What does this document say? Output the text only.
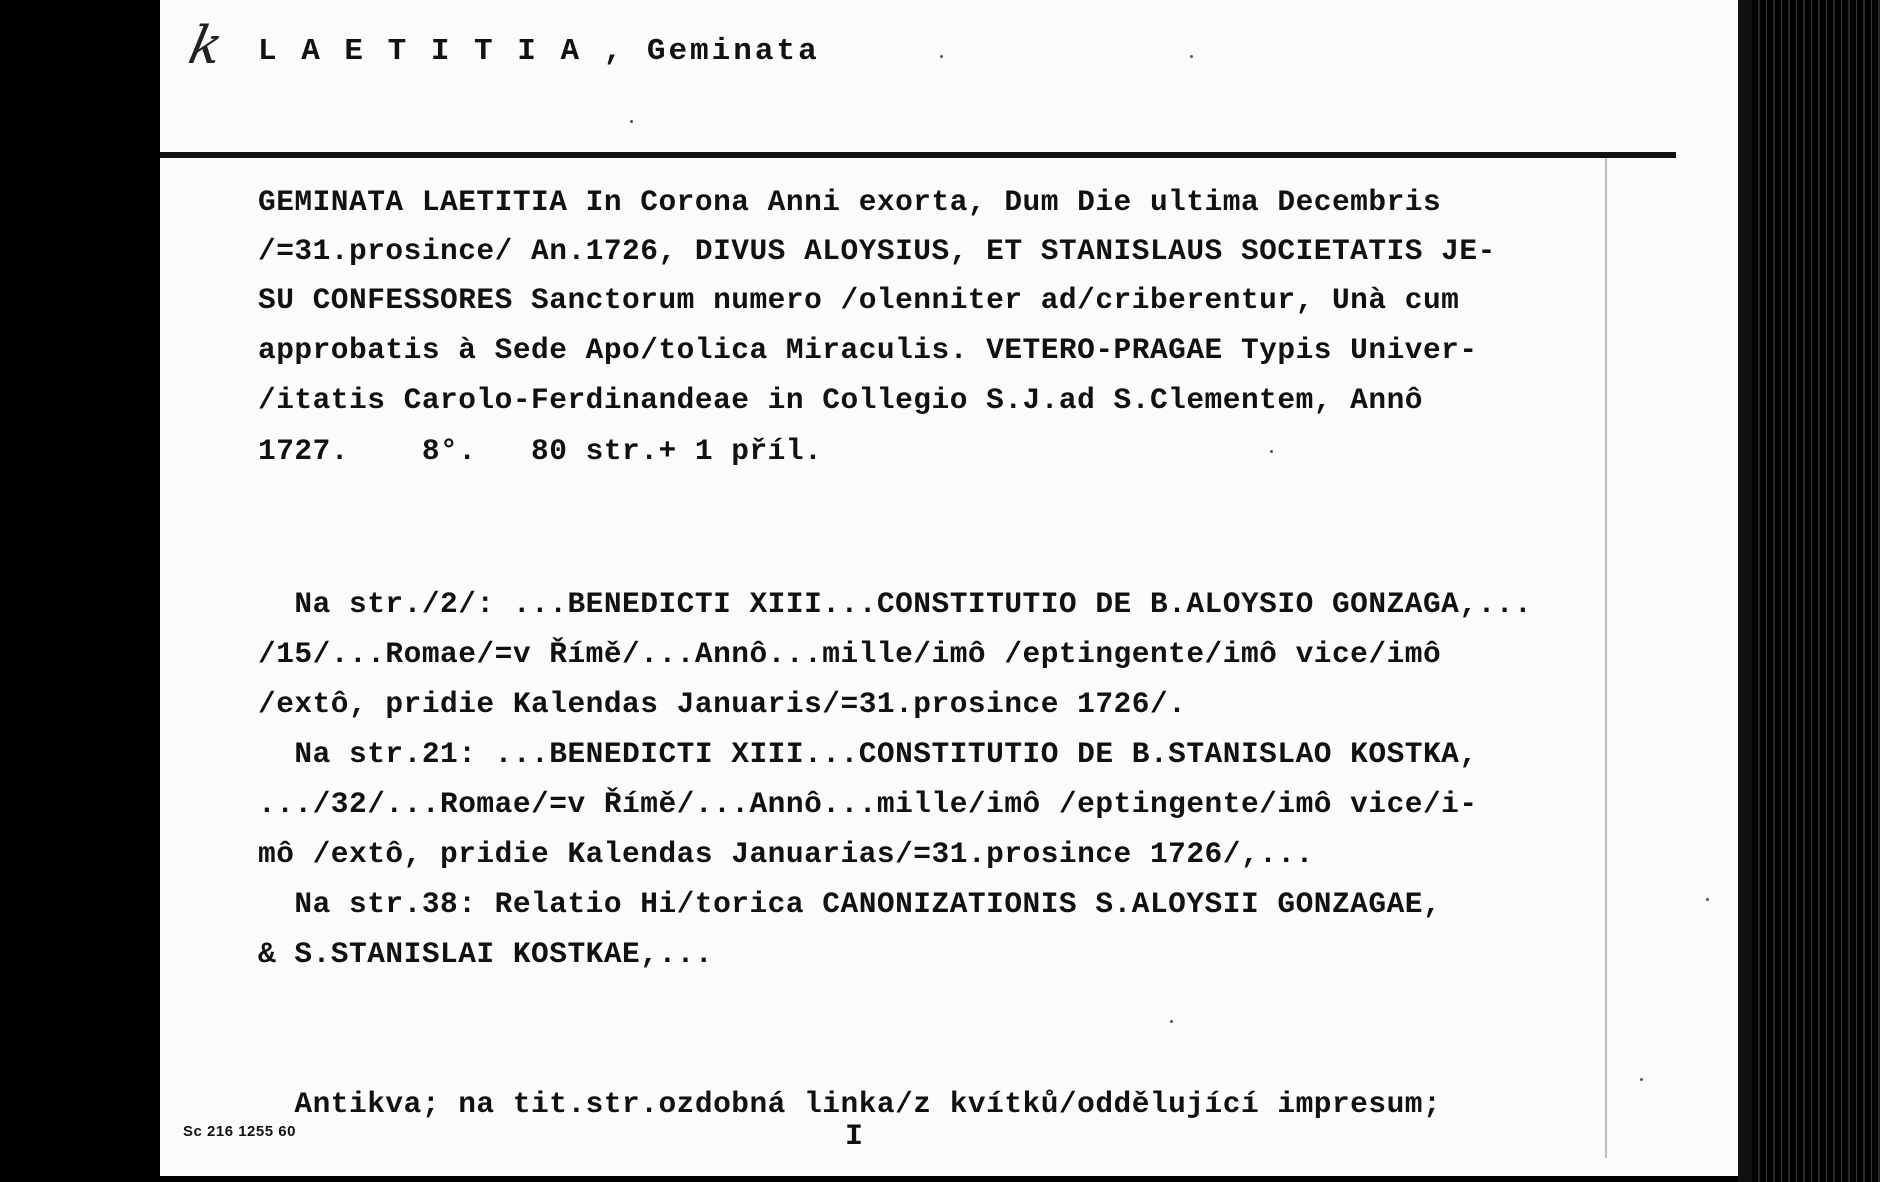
k L A E T I T I A , Geminata
GEMINATA LAETITIA In Corona Anni exorta, Dum Die ultima Decembris
/=31.prosince/ An.1726, DIVUS ALOYSIUS, ET STANISLAUS SOCIETATIS JE-
SU CONFESSORES Sanctorum numero /olenniter ad/criberentur, Unà cum
approbatis à Sede Apo/tolica Miraculis. VETERO-PRAGAE Typis Univer-
/itatis Carolo-Ferdinandeae in Collegio S.J.ad S.Clementem, Annô
1727.    8°.   80 str.+ 1 příl.
Na str./2/: ...BENEDICTI XIII...CONSTITUTIO DE B.ALOYSIO GONZAGA,...
/15/...Romae/=v Římě/...Annô...mille/imô /eptingente/imô vice/imô
/extô, pridie Kalendas Januaris/=31.prosince 1726/.
Na str.21: ...BENEDICTI XIII...CONSTITUTIO DE B.STANISLAO KOSTKA,
.../32/...Romae/=v Římě/...Annô...mille/imô /eptingente/imô vice/i-
mô /extô, pridie Kalendas Januarias/=31.prosince 1726/,...
Na str.38: Relatio Hi/torica CANONIZATIONIS S.ALOYSII GONZAGAE,
& S.STANISLAI KOSTKAE,...
Antikva; na tit.str.ozdobná linka/z kvítků/oddělující impresum;
Sc 216 1255 60	I
